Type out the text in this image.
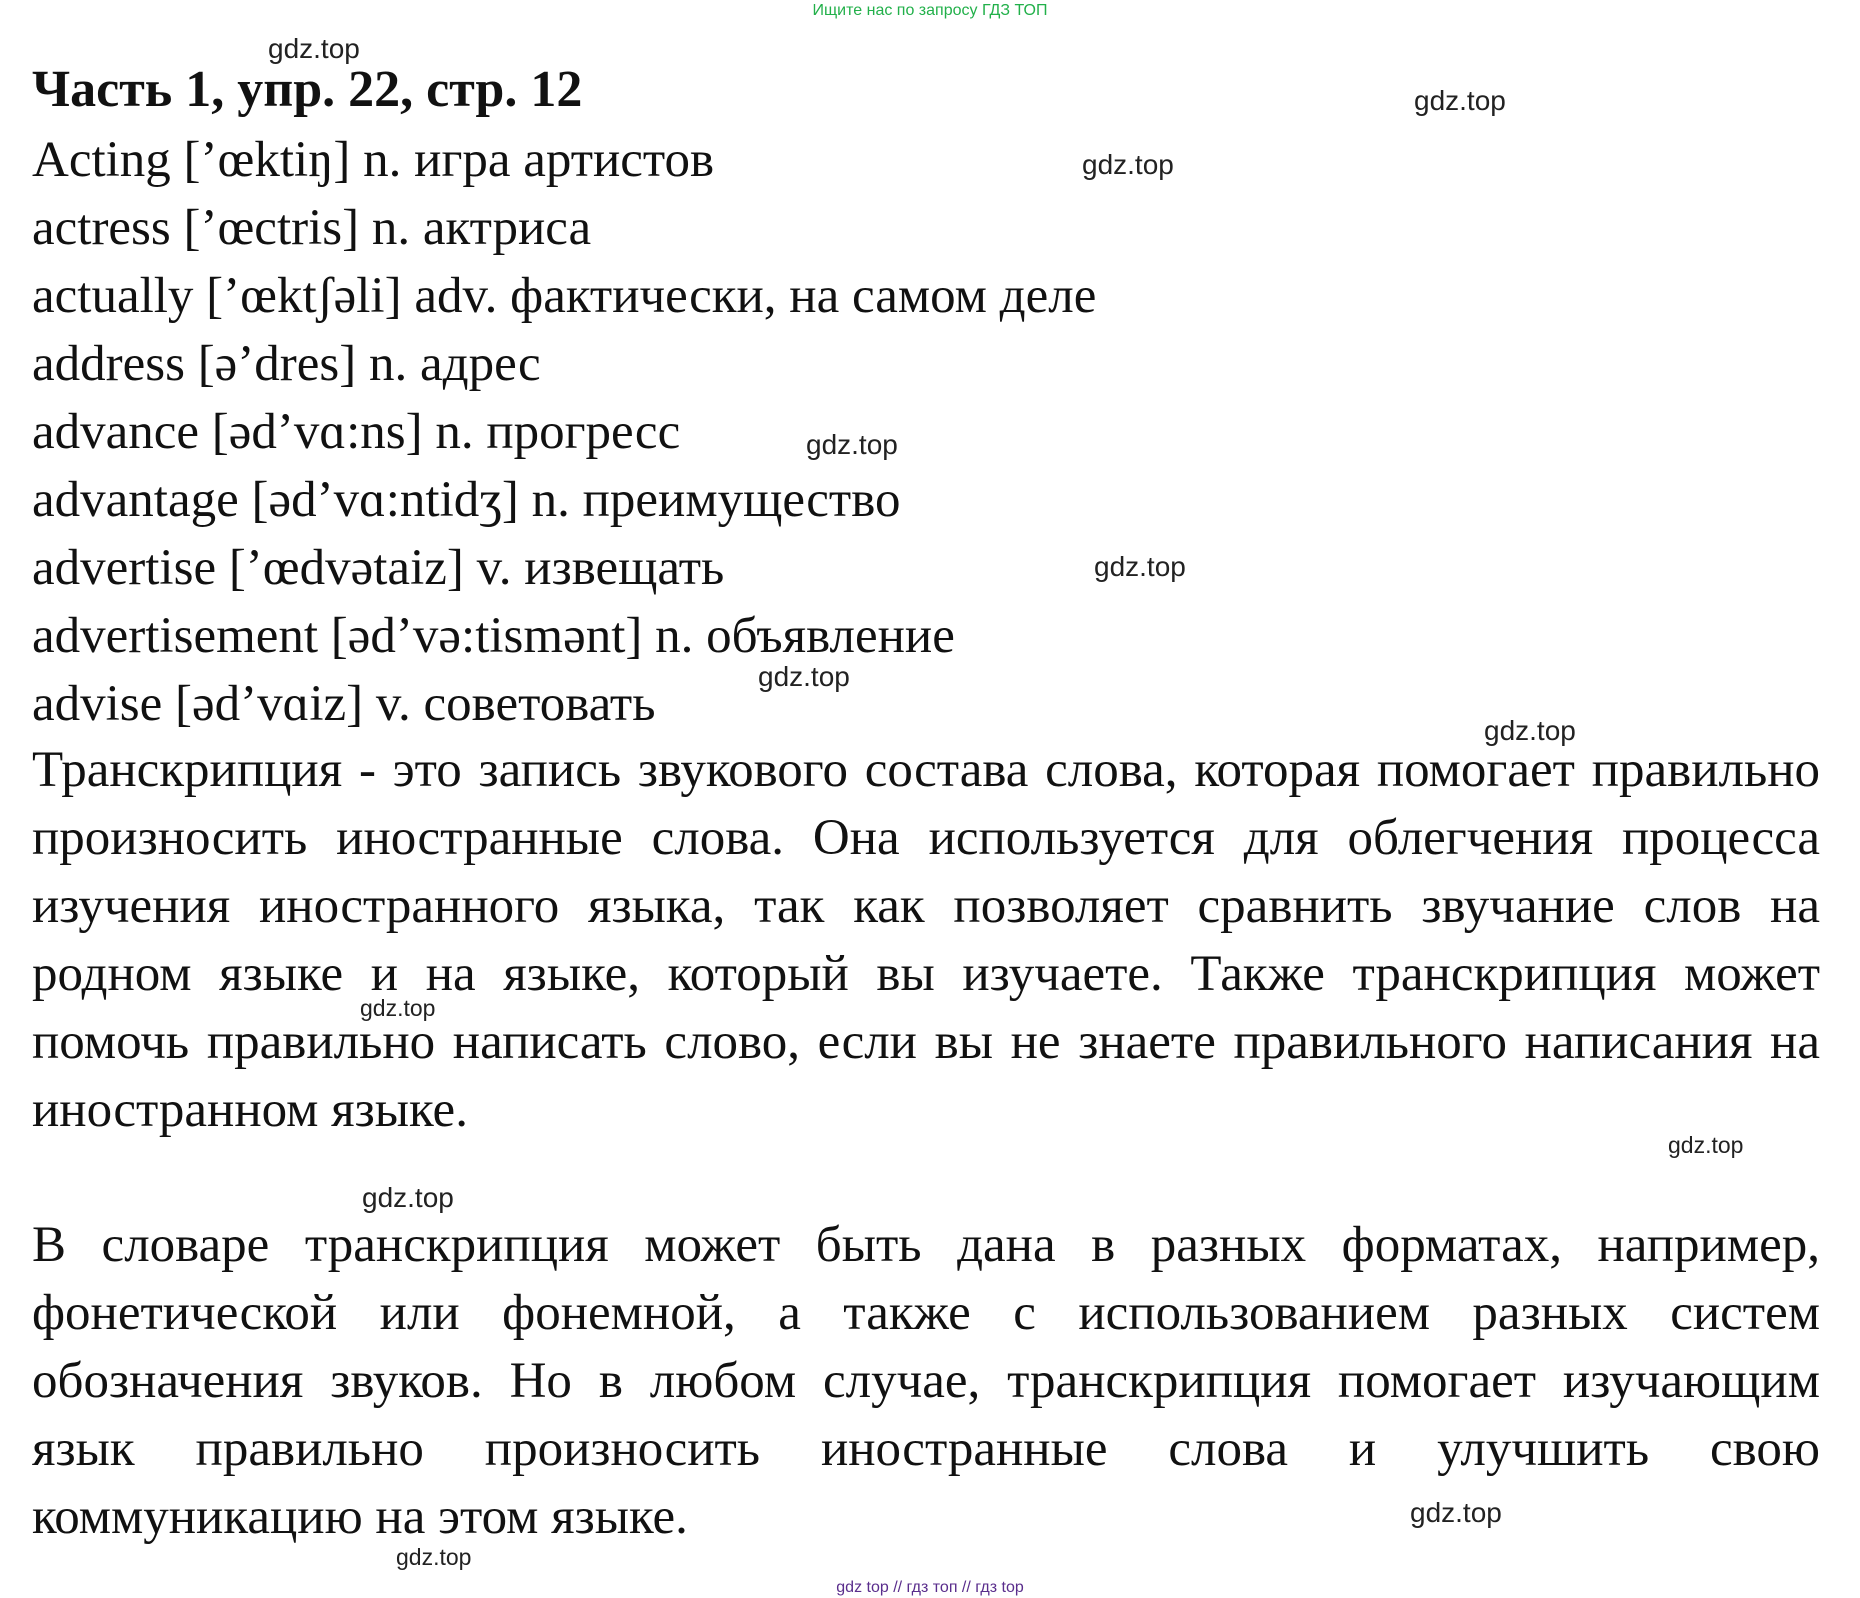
Ищите нас по запросу ГДЗ ТОП
Часть 1, упр. 22, стр. 12
Acting [’œktiŋ] n. игра артистов
actress [’œctris] n. актриса
actually [’œktʃəli] adv. фактически, на самом деле
address [ə’dres] n. адрес
advance [əd’vɑ:ns] n. прогресс
advantage [əd’vɑ:ntidʒ] n. преимущество
advertise [’œdvətaiz] v. извещать
advertisement [əd’və:tismənt] n. объявление
advise [əd’vɑiz] v. советовать

Транскрипция - это запись звукового состава слова, которая помогает правильно произносить иностранные слова. Она используется для облегчения процесса изучения иностранного языка, так как позволяет сравнить звучание слов на родном языке и на языке, который вы изучаете. Также транскрипция может помочь правильно написать слово, если вы не знаете правильного написания на иностранном языке.

В словаре транскрипция может быть дана в разных форматах, например, фонетической или фонемной, а также с использованием разных систем обозначения звуков. Но в любом случае, транскрипция помогает изучающим язык правильно произносить иностранные слова и улучшить свою коммуникацию на этом языке.

gdz.top
gdz.top
gdz.top
gdz.top
gdz.top
gdz.top
gdz.top
gdz.top
gdz.top
gdz.top
gdz.top
gdz.top
gdz top // гдз топ // гдз top
